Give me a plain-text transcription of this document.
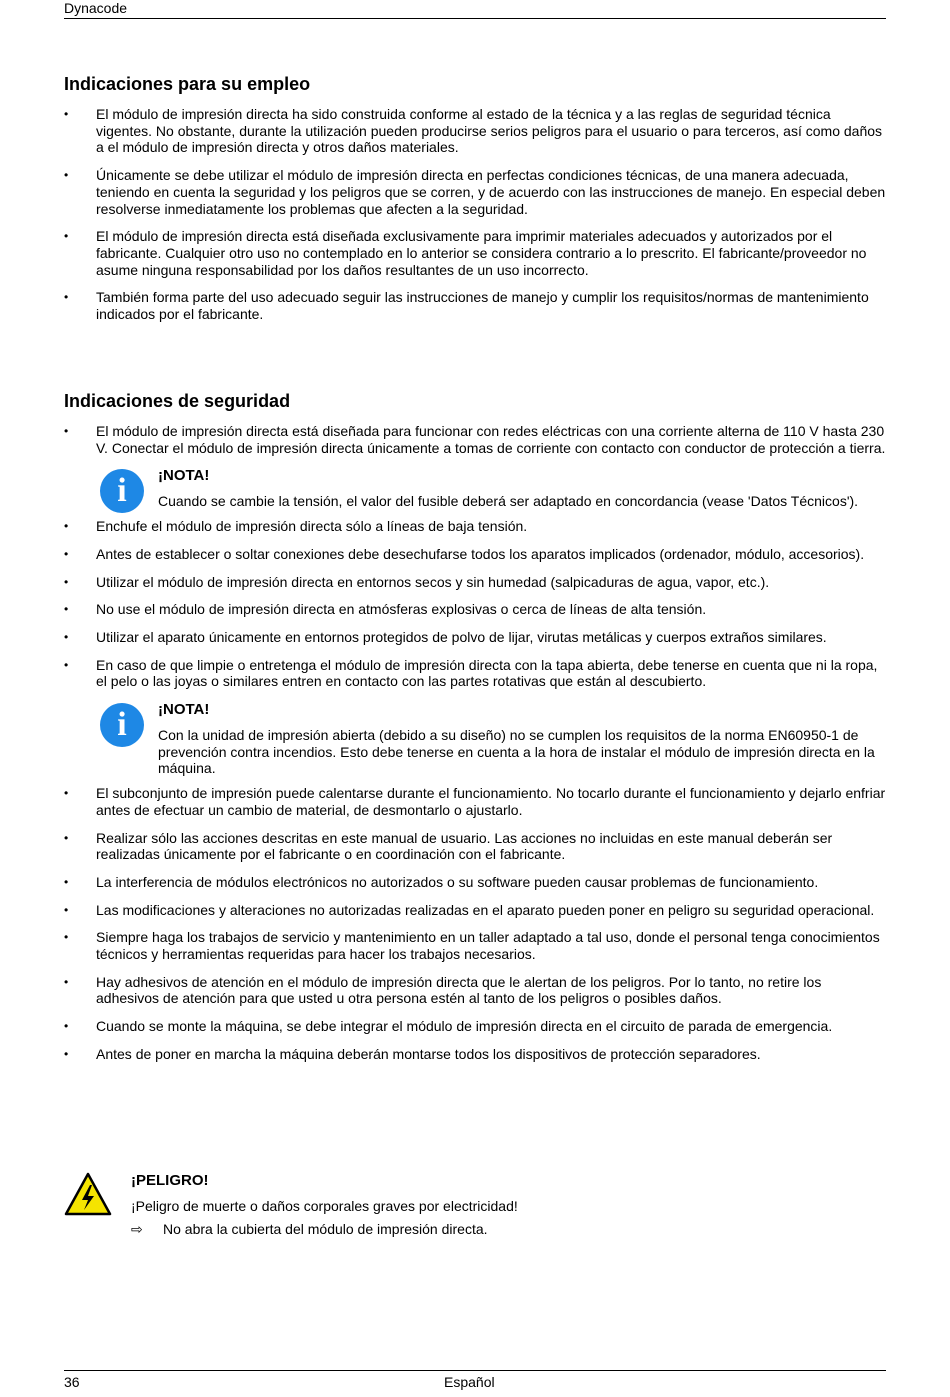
Dynacode
Indicaciones para su empleo
• El módulo de impresión directa ha sido construida conforme al estado de la técnica y a las reglas de seguridad técnica vigentes. No obstante, durante la utilización pueden producirse serios peligros para el usuario o para terceros, así como daños a el módulo de impresión directa y otros daños materiales.
• Únicamente se debe utilizar el módulo de impresión directa en perfectas condiciones técnicas, de una manera adecuada, teniendo en cuenta la seguridad y los peligros que se corren, y de acuerdo con las instrucciones de manejo. En especial deben resolverse inmediatamente los problemas que afecten a la seguridad.
• El módulo de impresión directa está diseñada exclusivamente para imprimir materiales adecuados y autorizados por el fabricante. Cualquier otro uso no contemplado en lo anterior se considera contrario a lo prescrito. El fabricante/proveedor no asume ninguna responsabilidad por los daños resultantes de un uso incorrecto.
• También forma parte del uso adecuado seguir las instrucciones de manejo y cumplir los requisitos/normas de mantenimiento indicados por el fabricante.
Indicaciones de seguridad
• El módulo de impresión directa está diseñada para funcionar con redes eléctricas con una corriente alterna de 110 V hasta 230 V. Conectar el módulo de impresión directa únicamente a tomas de corriente con contacto con conductor de protección a tierra.
i	¡NOTA!
Cuando se cambie la tensión, el valor del fusible deberá ser adaptado en concordancia (vease 'Datos Técnicos').
• Enchufe el módulo de impresión directa sólo a líneas de baja tensión.
• Antes de establecer o soltar conexiones debe desechufarse todos los aparatos implicados (ordenador, módulo, accesorios).
• Utilizar el módulo de impresión directa en entornos secos y sin humedad (salpicaduras de agua, vapor, etc.).
• No use el módulo de impresión directa en atmósferas explosivas o cerca de líneas de alta tensión.
• Utilizar el aparato únicamente en entornos protegidos de polvo de lijar, virutas metálicas y cuerpos extraños similares.
• En caso de que limpie o entretenga el módulo de impresión directa con la tapa abierta, debe tenerse en cuenta que ni la ropa, el pelo o las joyas o similares entren en contacto con las partes rotativas que están al descubierto.
i	¡NOTA!
Con la unidad de impresión abierta (debido a su diseño) no se cumplen los requisitos de la norma EN60950-1 de prevención contra incendios. Esto debe tenerse en cuenta a la hora de instalar el módulo de impresión directa en la máquina.
• El subconjunto de impresión puede calentarse durante el funcionamiento. No tocarlo durante el funcionamiento y dejarlo enfriar antes de efectuar un cambio de material, de desmontarlo o ajustarlo.
• Realizar sólo las acciones descritas en este manual de usuario. Las acciones no incluidas en este manual deberán ser realizadas únicamente por el fabricante o en coordinación con el fabricante.
• La interferencia de módulos electrónicos no autorizados o su software pueden causar problemas de funcionamiento.
• Las modificaciones y alteraciones no autorizadas realizadas en el aparato pueden poner en peligro su seguridad operacional.
• Siempre haga los trabajos de servicio y mantenimiento en un taller adaptado a tal uso, donde el personal tenga conocimientos técnicos y herramientas requeridas para hacer los trabajos necesarios.
• Hay adhesivos de atención en el módulo de impresión directa que le alertan de los peligros. Por lo tanto, no retire los adhesivos de atención para que usted u otra persona estén al tanto de los peligros o posibles daños.
• Cuando se monte la máquina, se debe integrar el módulo de impresión directa en el circuito de parada de emergencia.
• Antes de poner en marcha la máquina deberán montarse todos los dispositivos de protección separadores.
¡PELIGRO!
¡Peligro de muerte o daños corporales graves por electricidad!
⇨ No abra la cubierta del módulo de impresión directa.
36	Español
